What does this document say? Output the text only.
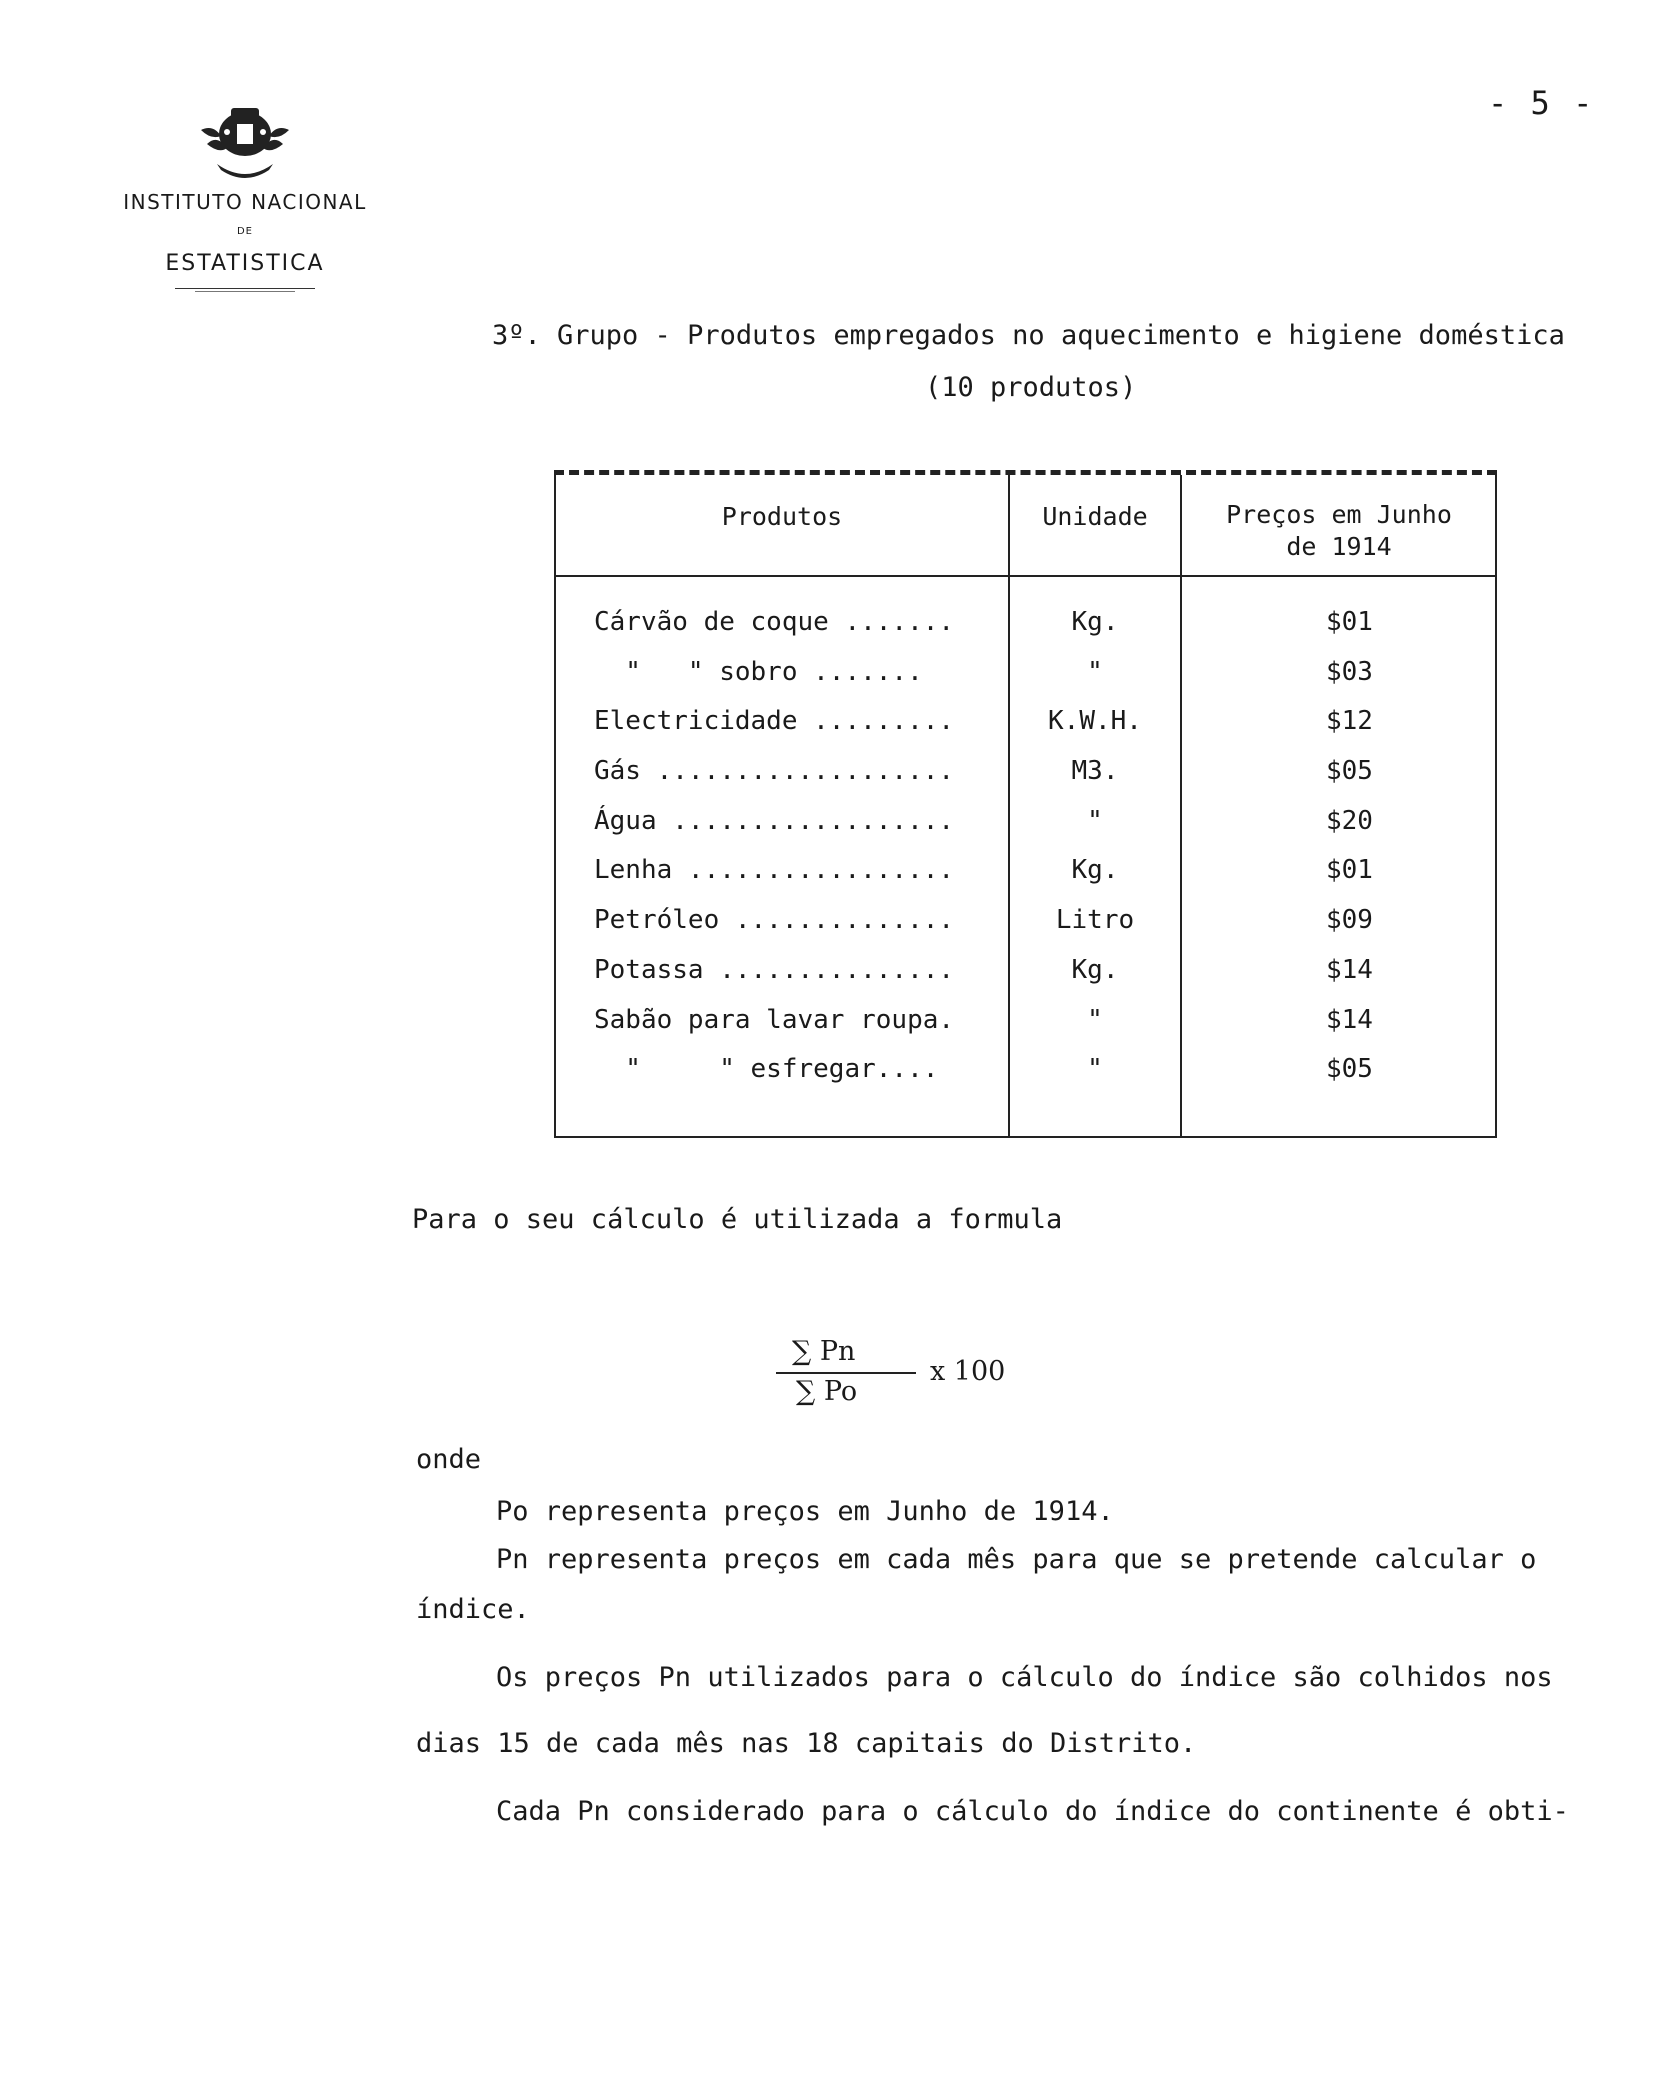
- 5 -
INSTITUTO NACIONAL
DE
ESTATISTICA
3º. Grupo - Produtos empregados no aquecimento e higiene doméstica
(10 produtos)
Produtos	Unidade	Preços em Junho
de 1914
Cárvão de coque .......	Kg.	$01
"   " sobro .......	"	$03
Electricidade .........	K.W.H.	$12
Gás ...................	M3.	$05
Água ..................	"	$20
Lenha .................	Kg.	$01
Petróleo ..............	Litro	$09
Potassa ...............	Kg.	$14
Sabão para lavar roupa.	"	$14
"     " esfregar....	"	$05
Para o seu cálculo é utilizada a formula
∑ Pn
∑ Po
x 100
onde
Po representa preços em Junho de 1914.
Pn representa preços em cada mês para que se pretende calcular o
índice.
Os preços Pn utilizados para o cálculo do índice são colhidos nos
dias 15 de cada mês nas 18 capitais do Distrito.
Cada Pn considerado para o cálculo do índice do continente é obti-
